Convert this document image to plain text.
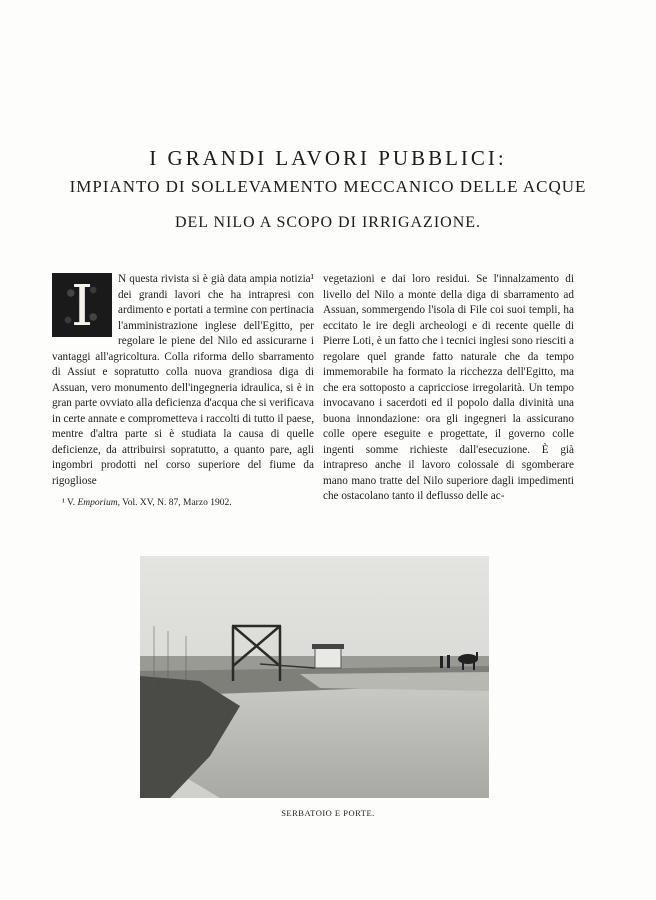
I GRANDI LAVORI PUBBLICI:
IMPIANTO DI SOLLEVAMENTO MECCANICO DELLE ACQUE
DEL NILO A SCOPO DI IRRIGAZIONE.

I	N questa rivista si è già data ampia notizia¹ dei grandi lavori che ha intrapresi con ardimento e portati a termine con pertinacia l'amministrazione inglese dell'Egitto, per regolare le piene del Nilo ed assicurarne i vantaggi all'agricoltura. Colla riforma dello sbarramento di Assiut e sopratutto colla nuova grandiosa diga di Assuan, vero monumento dell'ingegneria idraulica, si è in gran parte ovviato alla deficienza d'acqua che si verificava in certe annate e comprometteva i raccolti di tutto il paese, mentre d'altra parte si è studiata la causa di quelle deficienze, da attribuirsi sopratutto, a quanto pare, agli ingombri prodotti nel corso superiore del fiume da rigogliose

vegetazioni e dai loro residui. Se l'innalzamento di livello del Nilo a monte della diga di sbarramento ad Assuan, sommergendo l'isola di File coi suoi templi, ha eccitato le ire degli archeologi e di recente quelle di Pierre Loti, è un fatto che i tecnici inglesi sono riesciti a regolare quel grande fatto naturale che da tempo immemorabile ha formato la ricchezza dell'Egitto, ma che era sottoposto a capricciose irregolarità. Un tempo invocavano i sacerdoti ed il popolo dalla divinità una buona innondazione: ora gli ingegneri la assicurano colle opere eseguite e progettate, il governo colle ingenti somme richieste dall'esecuzione. È già intrapreso anche il lavoro colossale di sgomberare mano mano tratte del Nilo superiore dagli impedimenti che ostacolano tanto il deflusso delle ac-

¹ V. Emporium, Vol. XV, N. 87, Marzo 1902.
SERBATOIO E PORTE.
